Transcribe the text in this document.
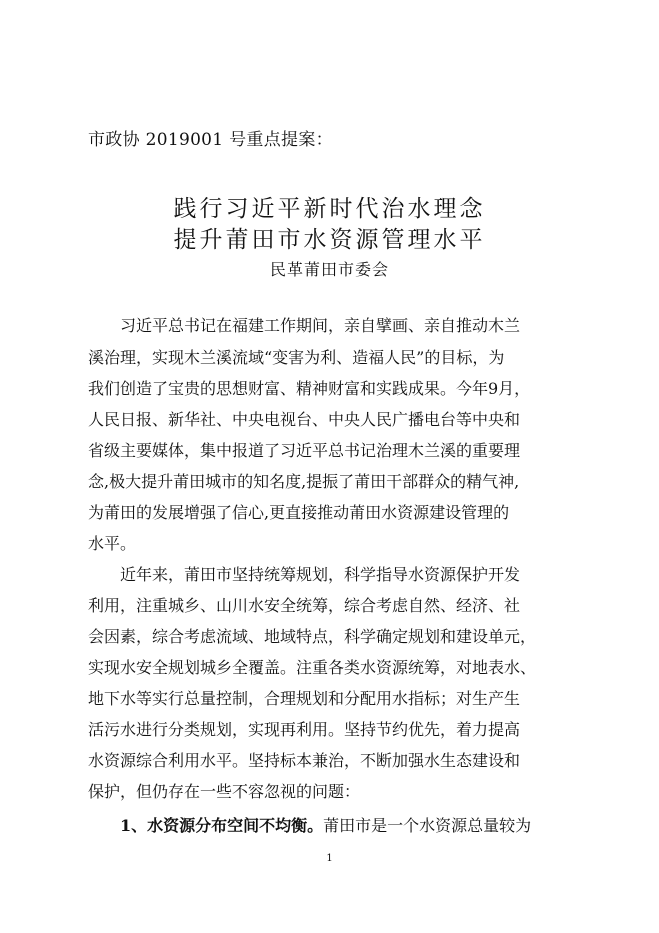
市政协 2019001 号重点提案：
践行习近平新时代治水理念
提升莆田市水资源管理水平
民革莆田市委会
习近平总书记在福建工作期间，亲自擘画、亲自推动木兰
溪治理，实现木兰溪流域“变害为利、造福人民”的目标，为
我们创造了宝贵的思想财富、精神财富和实践成果。今年9月，
人民日报、新华社、中央电视台、中央人民广播电台等中央和
省级主要媒体，集中报道了习近平总书记治理木兰溪的重要理
念,极大提升莆田城市的知名度,提振了莆田干部群众的精气神,
为莆田的发展增强了信心,更直接推动莆田水资源建设管理的
水平。
近年来，莆田市坚持统筹规划，科学指导水资源保护开发
利用，注重城乡、山川水安全统筹，综合考虑自然、经济、社
会因素，综合考虑流域、地域特点，科学确定规划和建设单元，
实现水安全规划城乡全覆盖。注重各类水资源统筹，对地表水、
地下水等实行总量控制，合理规划和分配用水指标；对生产生
活污水进行分类规划，实现再利用。坚持节约优先，着力提高
水资源综合利用水平。坚持标本兼治，不断加强水生态建设和
保护，但仍存在一些不容忽视的问题：
1、水资源分布空间不均衡。莆田市是一个水资源总量较为
1
